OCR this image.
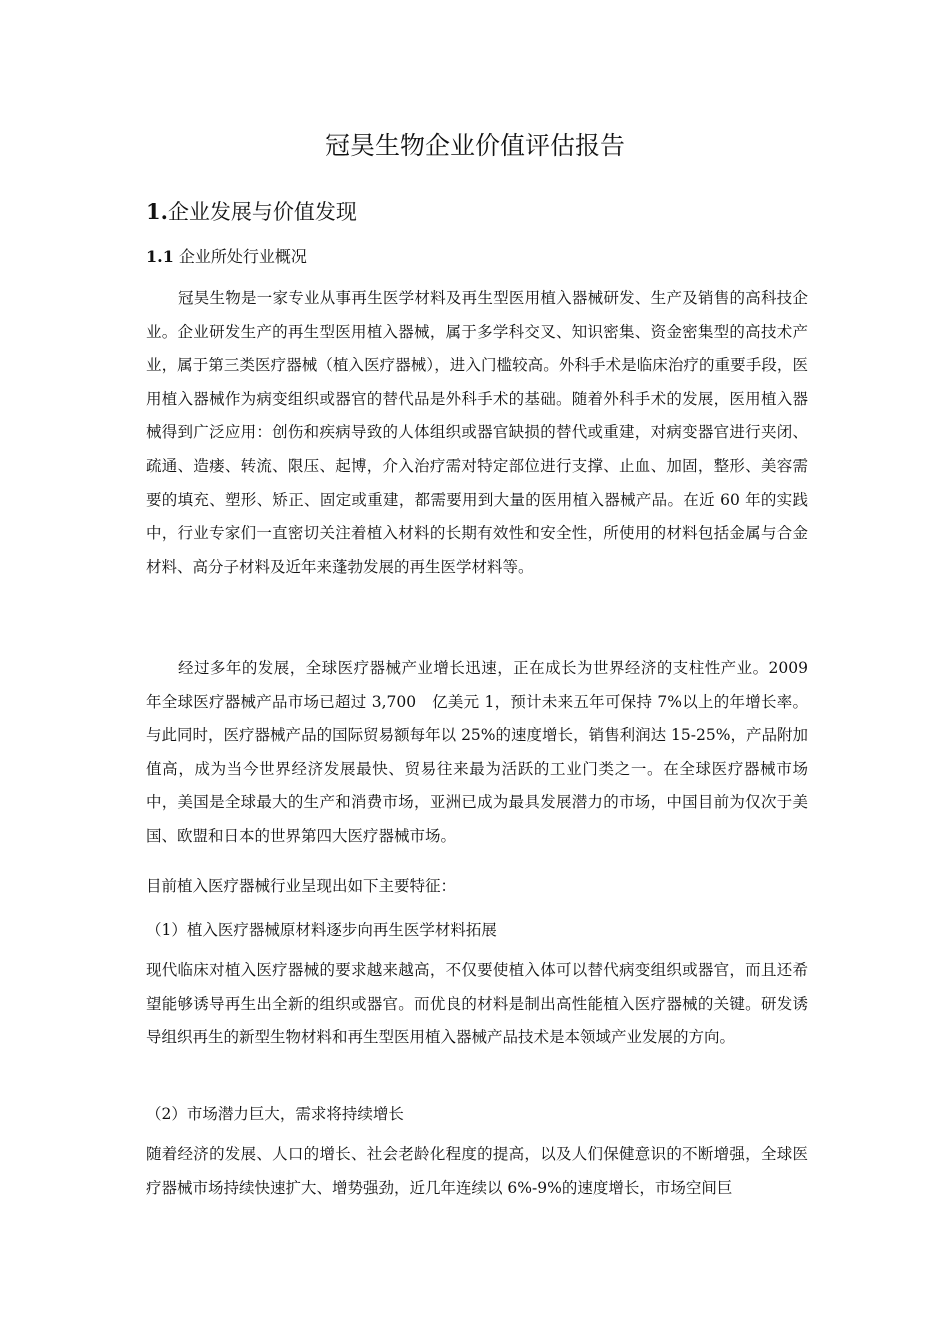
冠昊生物企业价值评估报告
1.企业发展与价值发现
1.1 企业所处行业概况

冠昊生物是一家专业从事再生医学材料及再生型医用植入器械研发、生产及销售的高科技企业。企业研发生产的再生型医用植入器械，属于多学科交叉、知识密集、资金密集型的高技术产业，属于第三类医疗器械（植入医疗器械），进入门槛较高。外科手术是临床治疗的重要手段，医用植入器械作为病变组织或器官的替代品是外科手术的基础。随着外科手术的发展，医用植入器械得到广泛应用：创伤和疾病导致的人体组织或器官缺损的替代或重建，对病变器官进行夹闭、疏通、造瘘、转流、限压、起博，介入治疗需对特定部位进行支撑、止血、加固，整形、美容需要的填充、塑形、矫正、固定或重建，都需要用到大量的医用植入器械产品。在近 60 年的实践中，行业专家们一直密切关注着植入材料的长期有效性和安全性，所使用的材料包括金属与合金材料、高分子材料及近年来蓬勃发展的再生医学材料等。

经过多年的发展，全球医疗器械产业增长迅速，正在成长为世界经济的支柱性产业。2009 年全球医疗器械产品市场已超过 3,700　亿美元 1，预计未来五年可保持 7%以上的年增长率。与此同时，医疗器械产品的国际贸易额每年以 25%的速度增长，销售利润达 15-25%，产品附加值高，成为当今世界经济发展最快、贸易往来最为活跃的工业门类之一。在全球医疗器械市场中，美国是全球最大的生产和消费市场，亚洲已成为最具发展潜力的市场，中国目前为仅次于美国、欧盟和日本的世界第四大医疗器械市场。

目前植入医疗器械行业呈现出如下主要特征：

（1）植入医疗器械原材料逐步向再生医学材料拓展

现代临床对植入医疗器械的要求越来越高，不仅要使植入体可以替代病变组织或器官，而且还希望能够诱导再生出全新的组织或器官。而优良的材料是制出高性能植入医疗器械的关键。研发诱导组织再生的新型生物材料和再生型医用植入器械产品技术是本领域产业发展的方向。

（2）市场潜力巨大，需求将持续增长

随着经济的发展、人口的增长、社会老龄化程度的提高，以及人们保健意识的不断增强，全球医疗器械市场持续快速扩大、增势强劲，近几年连续以 6%-9%的速度增长，市场空间巨
